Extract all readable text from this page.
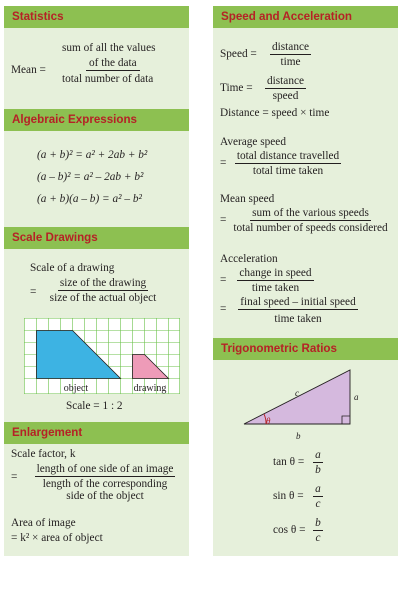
Statistics
Mean =
sum of all the values
of the data
total number of data
Algebraic Expressions
(a + b)² = a² + 2ab + b²
(a – b)² = a² – 2ab + b²
(a + b)(a – b) = a² – b²
Scale Drawings
Scale of a drawing
=
size of the drawing
size of the actual object
object	drawing
Scale = 1 : 2
Enlargement
Scale factor, k
=
length of one side of an image
length of the corresponding
side of the object
Area of image
= k² × area of object
Speed and Acceleration
Speed =
distance
time
Time =
distance
speed
Distance = speed × time
Average speed
=
total distance travelled
total time taken
Mean speed
=
sum of the various speeds
total number of speeds considered
Acceleration
=
change in speed
time taken
=
final speed – initial speed
time taken
Trigonometric Ratios
θ
c	a
b
$\tan \theta = \frac{a}{b}$
$\sin \theta = \frac{a}{c}$
$\cos \theta = \frac{b}{c}$
